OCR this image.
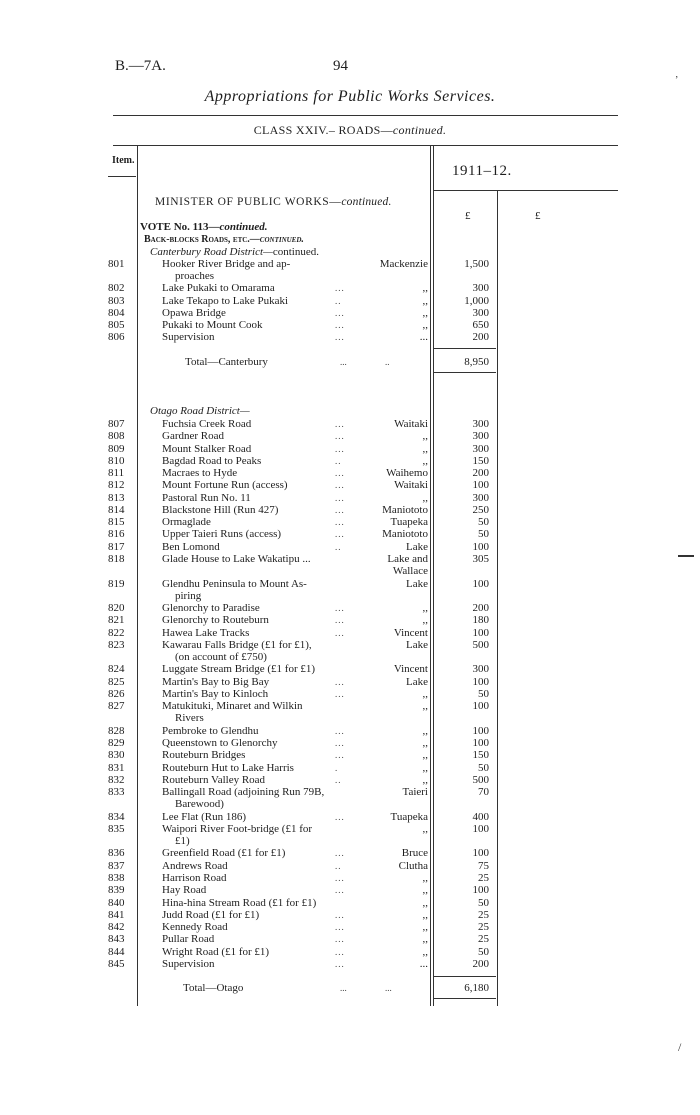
B.—7A.	94
Appropriations for Public Works Services.
CLASS XXIV.– ROADS—continued.
Item.
1911–12.
£	£
MINISTER OF PUBLIC WORKS—continued.
VOTE No. 113—continued.
Back-blocks Roads, etc.—continued.
Canterbury Road District—continued.
801	Hooker River Bridge and ap-	Mackenzie	1,500
proaches
802	Lake Pukaki to Omarama	...	,,	300
803	Lake Tekapo to Lake Pukaki	..	,,	1,000
804	Opawa Bridge	...	,,	300
805	Pukaki to Mount Cook	...	,,	650
806	Supervision	...	...	200
Total—Canterbury	...	..	8,950
Otago Road District—
807	Fuchsia Creek Road	...	Waitaki	300
808	Gardner Road	...	,,	300
809	Mount Stalker Road	...	,,	300
810	Bagdad Road to Peaks	..	,,	150
811	Macraes to Hyde	...	Waihemo	200
812	Mount Fortune Run (access)	...	Waitaki	100
813	Pastoral Run No. 11	...	,,	300
814	Blackstone Hill (Run 427)	...	Maniototo	250
815	Ormaglade	...	Tuapeka	50
816	Upper Taieri Runs (access)	...	Maniototo	50
817	Ben Lomond	..	Lake	100
818	Glade House to Lake Wakatipu ...	Lake and	305
Wallace
819	Glendhu Peninsula to Mount As-	Lake	100
piring
820	Glenorchy to Paradise	...	,,	200
821	Glenorchy to Routeburn	...	,,	180
822	Hawea Lake Tracks	...	Vincent	100
823	Kawarau Falls Bridge (£1 for £1),	Lake	500
(on account of £750)
824	Luggate Stream Bridge (£1 for £1)	Vincent	300
825	Martin's Bay to Big Bay	...	Lake	100
826	Martin's Bay to Kinloch	...	,,	50
827	Matukituki, Minaret and Wilkin	,,	100
Rivers
828	Pembroke to Glendhu	...	,,	100
829	Queenstown to Glenorchy	...	,,	100
830	Routeburn Bridges	...	,,	150
831	Routeburn Hut to Lake Harris	.	,,	50
832	Routeburn Valley Road	..	,,	500
833	Ballingall Road (adjoining Run 79B,	Taieri	70
Barewood)
834	Lee Flat (Run 186)	...	Tuapeka	400
835	Waipori River Foot-bridge (£1 for	,,	100
£1)
836	Greenfield Road (£1 for £1)	...	Bruce	100
837	Andrews Road	..	Clutha	75
838	Harrison Road	...	,,	25
839	Hay Road	...	,,	100
840	Hina-hina Stream Road (£1 for £1)	,,	50
841	Judd Road (£1 for £1)	...	,,	25
842	Kennedy Road	...	,,	25
843	Pullar Road	...	,,	25
844	Wright Road (£1 for £1)	...	,,	50
845	Supervision	...	...	200
Total—Otago	...	...	6,180
ʼ
/
